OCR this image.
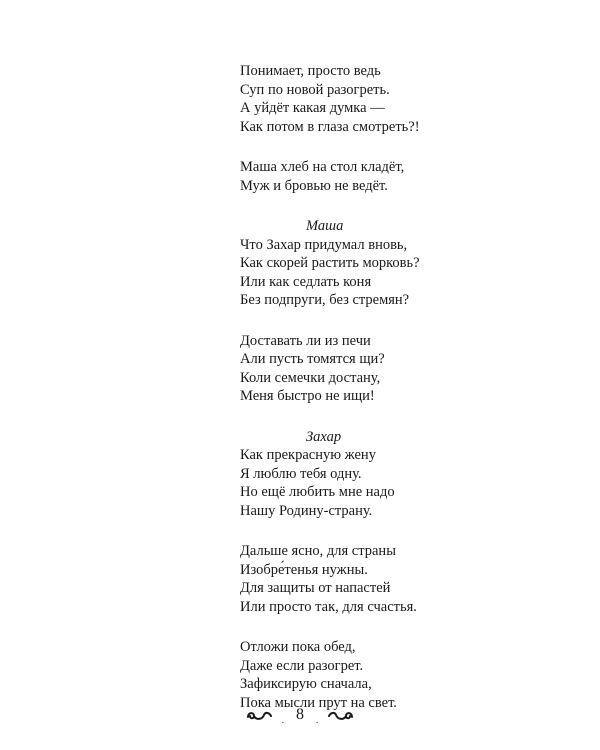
Понимает, просто ведь
Суп по новой разогреть.
А уйдёт какая думка —
Как потом в глаза смотреть?!
Маша хлеб на стол кладёт,
Муж и бровью не ведёт.
Маша
Что Захар придумал вновь,
Как скорей растить морковь?
Или как седлать коня
Без подпруги, без стремян?
Доставать ли из печи
Али пусть томятся щи?
Коли семечки достану,
Меня быстро не ищи!
Захар
Как прекрасную жену
Я люблю тебя одну.
Но ещё любить мне надо
Нашу Родину-страну.
Дальше ясно, для страны
Изобре́тенья нужны.
Для защиты от напастей
Или просто так, для счастья.
Отложи пока обед,
Даже если разогрет.
Зафиксирую сначала,
Пока мысли прут на свет.
. 8	.
